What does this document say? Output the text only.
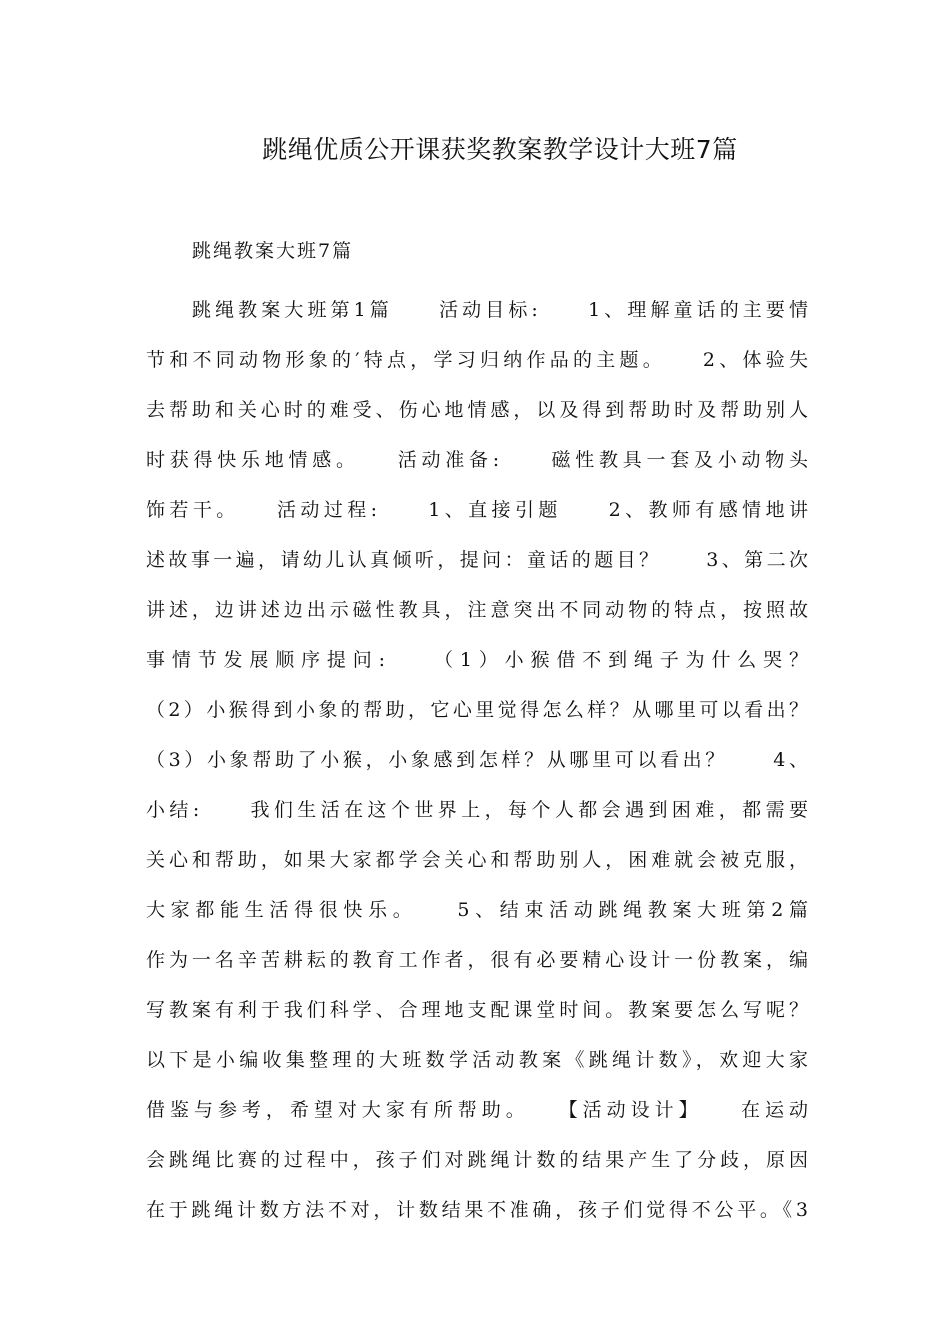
跳绳优质公开课获奖教案教学设计大班7篇
跳绳教案大班7篇
跳绳教案大班第1篇　　活动目标:　　1、理解童话的主要情
节和不同动物形象的′特点，学习归纳作品的主题。　　2、体验失
去帮助和关心时的难受、伤心地情感，以及得到帮助时及帮助别人
时获得快乐地情感。　　活动准备:　　磁性教具一套及小动物头
饰若干。　　活动过程:　　1、直接引题　　2、教师有感情地讲
述故事一遍，请幼儿认真倾听，提问：童话的题目？　　3、第二次
讲述，边讲述边出示磁性教具，注意突出不同动物的特点，按照故
事情节发展顺序提问:　　（1）小猴借不到绳子为什么哭？
（2）小猴得到小象的帮助，它心里觉得怎么样？从哪里可以看出？
（3）小象帮助了小猴，小象感到怎样？从哪里可以看出？　　4、
小结:　　我们生活在这个世界上，每个人都会遇到困难，都需要
关心和帮助，如果大家都学会关心和帮助别人，困难就会被克服，
大家都能生活得很快乐。　　5、结束活动跳绳教案大班第2篇
作为一名辛苦耕耘的教育工作者，很有必要精心设计一份教案，编
写教案有利于我们科学、合理地支配课堂时间。教案要怎么写呢？
以下是小编收集整理的大班数学活动教案《跳绳计数》，欢迎大家
借鉴与参考，希望对大家有所帮助。　　【活动设计】　　在运动
会跳绳比赛的过程中，孩子们对跳绳计数的结果产生了分歧，原因
在于跳绳计数方法不对，计数结果不准确，孩子们觉得不公平。《3
